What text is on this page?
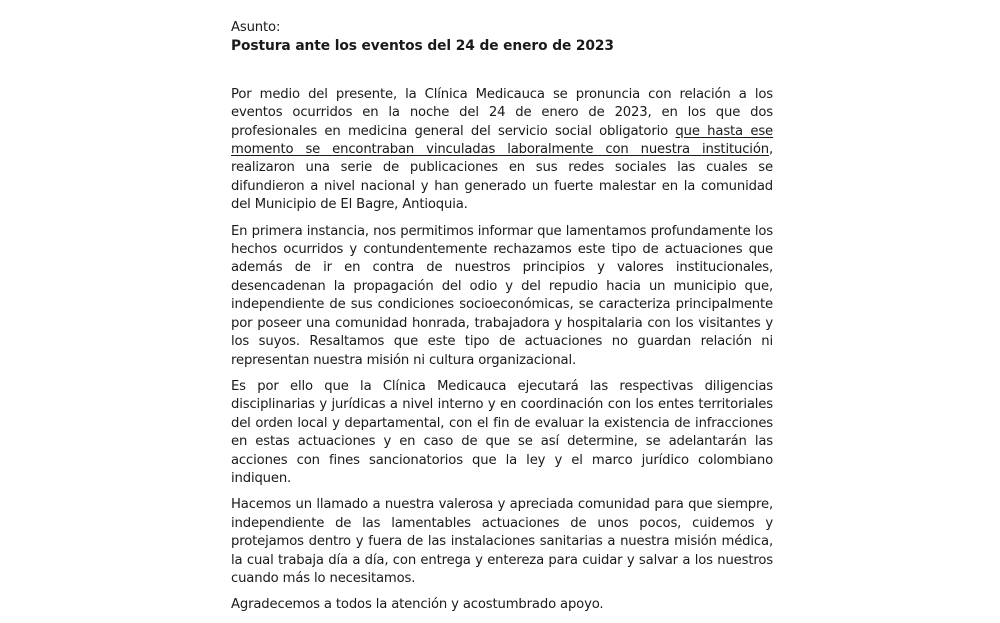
Asunto:

Postura ante los eventos del 24 de enero de 2023

Por medio del presente, la Clínica Medicauca se pronuncia con relación a los eventos ocurridos en la noche del 24 de enero de 2023, en los que dos profesionales en medicina general del servicio social obligatorio que hasta ese momento se encontraban vinculadas laboralmente con nuestra institución, realizaron una serie de publicaciones en sus redes sociales las cuales se difundieron a nivel nacional y han generado un fuerte malestar en la comunidad del Municipio de El Bagre, Antioquia.

En primera instancia, nos permitimos informar que lamentamos profundamente los hechos ocurridos y contundentemente rechazamos este tipo de actuaciones que además de ir en contra de nuestros principios y valores institucionales, desencadenan la propagación del odio y del repudio hacia un municipio que, independiente de sus condiciones socioeconómicas, se caracteriza principalmente por poseer una comunidad honrada, trabajadora y hospitalaria con los visitantes y los suyos. Resaltamos que este tipo de actuaciones no guardan relación ni representan nuestra misión ni cultura organizacional.

Es por ello que la Clínica Medicauca ejecutará las respectivas diligencias disciplinarias y jurídicas a nivel interno y en coordinación con los entes territoriales del orden local y departamental, con el fin de evaluar la existencia de infracciones en estas actuaciones y en caso de que se así determine, se adelantarán las acciones con fines sancionatorios que la ley y el marco jurídico colombiano indiquen.

Hacemos un llamado a nuestra valerosa y apreciada comunidad para que siempre, independiente de las lamentables actuaciones de unos pocos, cuidemos y protejamos dentro y fuera de las instalaciones sanitarias a nuestra misión médica, la cual trabaja día a día, con entrega y entereza para cuidar y salvar a los nuestros cuando más lo necesitamos.

Agradecemos a todos la atención y acostumbrado apoyo.
